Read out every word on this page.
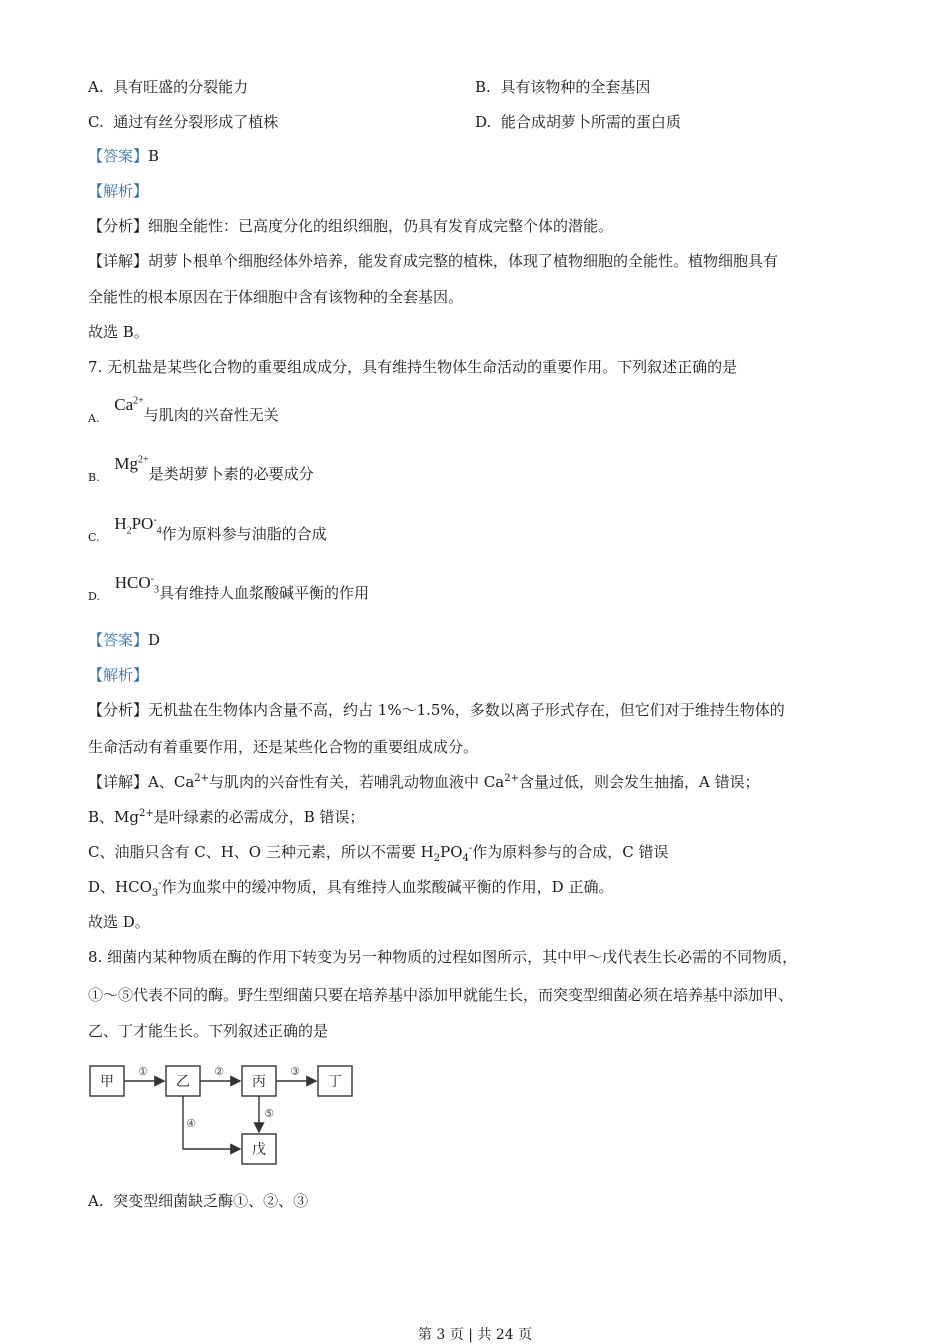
A. 具有旺盛的分裂能力	B. 具有该物种的全套基因
C. 通过有丝分裂形成了植株	D. 能合成胡萝卜所需的蛋白质
【答案】B
【解析】
【分析】细胞全能性：已高度分化的组织细胞，仍具有发育成完整个体的潜能。
【详解】胡萝卜根单个细胞经体外培养，能发育成完整的植株，体现了植物细胞的全能性。植物细胞具有
全能性的根本原因在于体细胞中含有该物种的全套基因。
故选 B。
7. 无机盐是某些化合物的重要组成成分，具有维持生物体生命活动的重要作用。下列叙述正确的是
$_{A.}$ $Ca^{2+}$与肌肉的兴奋性无关
$_{B.}$ $Mg^{2+}$是类胡萝卜素的必要成分
$_{C.}$ $H_2PO^-_4$作为原料参与油脂的合成
$_{D.}$ $HCO^-_3$具有维持人血浆酸碱平衡的作用
【答案】D
【解析】
【分析】无机盐在生物体内含量不高，约占 1%～1.5%，多数以离子形式存在，但它们对于维持生物体的
生命活动有着重要作用，还是某些化合物的重要组成成分。
【详解】A、$Ca^{2+}$与肌肉的兴奋性有关，若哺乳动物血液中 $Ca^{2+}$含量过低，则会发生抽搐，A 错误；
B、$Mg^{2+}$是叶绿素的必需成分，B 错误；
C、油脂只含有 C、H、O 三种元素，所以不需要 $H_2PO_4^-$作为原料参与的合成，C 错误
D、$HCO_3^-$作为血浆中的缓冲物质，具有维持人血浆酸碱平衡的作用，D 正确。
故选 D。
8. 细菌内某种物质在酶的作用下转变为另一种物质的过程如图所示，其中甲～戊代表生长必需的不同物质，
①～⑤代表不同的酶。野生型细菌只要在培养基中添加甲就能生长，而突变型细菌必须在培养基中添加甲、
乙、丁才能生长。下列叙述正确的是
甲	乙	丙	丁
戊
①	②	③
④
⑤
A. 突变型细菌缺乏酶①、②、③
第 3 页 | 共 24 页
